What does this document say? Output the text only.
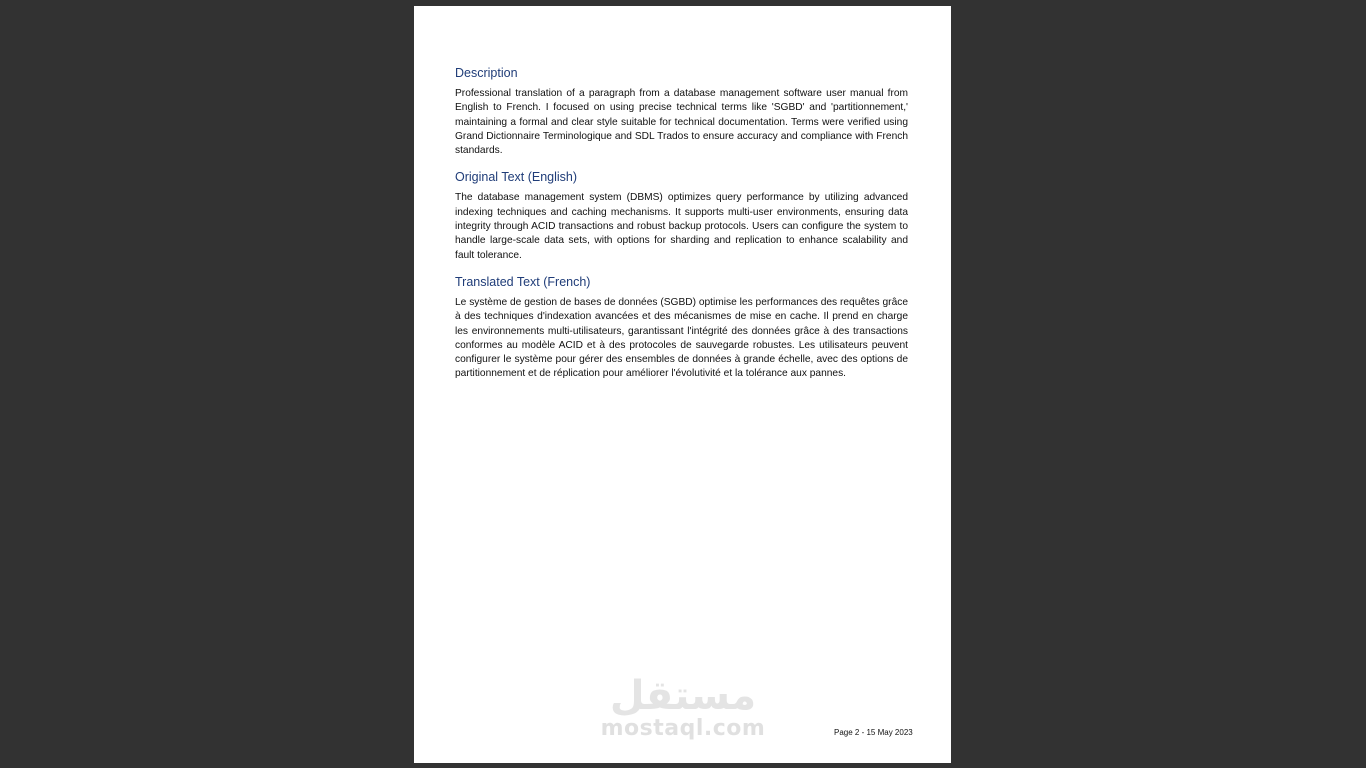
Description

Professional translation of a paragraph from a database management software user manual from English to French. I focused on using precise technical terms like 'SGBD' and 'partitionnement,' maintaining a formal and clear style suitable for technical documentation. Terms were verified using Grand Dictionnaire Terminologique and SDL Trados to ensure accuracy and compliance with French standards.

Original Text (English)

The database management system (DBMS) optimizes query performance by utilizing advanced indexing techniques and caching mechanisms. It supports multi-user environments, ensuring data integrity through ACID transactions and robust backup protocols. Users can configure the system to handle large-scale data sets, with options for sharding and replication to enhance scalability and fault tolerance.

Translated Text (French)

Le système de gestion de bases de données (SGBD) optimise les performances des requêtes grâce à des techniques d'indexation avancées et des mécanismes de mise en cache. Il prend en charge les environnements multi-utilisateurs, garantissant l'intégrité des données grâce à des transactions conformes au modèle ACID et à des protocoles de sauvegarde robustes. Les utilisateurs peuvent configurer le système pour gérer des ensembles de données à grande échelle, avec des options de partitionnement et de réplication pour améliorer l'évolutivité et la tolérance aux pannes.

مستقل
mostaql.com	Page 2 - 15 May 2023
